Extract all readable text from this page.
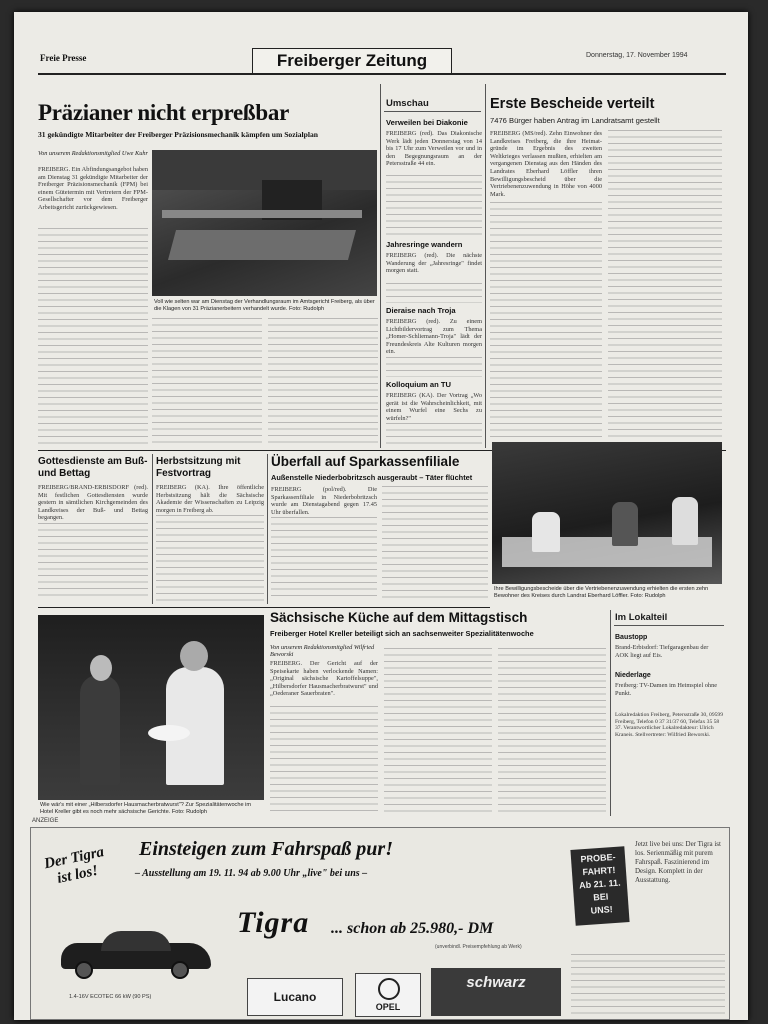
Freie Presse	Freiberger Zeitung	Donnerstag, 17. November 1994
Präzianer nicht erpreßbar
31 gekündigte Mitarbeiter der Freiberger Präzisionsmechanik kämpfen um Sozialplan
Von unserem Redaktionsmitglied Uwe Kuhr
FREIBERG. Ein Abfindungsangebot haben am Dienstag 31 gekündigte Mitarbeiter der Freiberger Präzisionsmechanik (FPM) bei einem Gütetermin mit Vertretern der FPM-Gesellschafter vor dem Freiberger Arbeitsgericht zurückgewiesen.
Voll wie selten war am Dienstag der Verhandlungsraum im Amtsgericht Freiberg, als über die Klagen von 31 Präzianerbeitern verhandelt wurde. Foto: Rudolph
Umschau
Verweilen bei Diakonie
FREIBERG (red). Das Diakonische Werk lädt jeden Donnerstag von 14 bis 17 Uhr zum Verweilen vor und in den Begegnungsraum an der Petersstraße 44 ein.
Jahresringe wandern
FREIBERG (red). Die nächste Wanderung der „Jahresringe" findet morgen statt.
Dieraise nach Troja
FREIBERG (red). Zu einem Lichtbildervortrag zum Thema „Homer-Schliemann-Troja" lädt der Freundeskreis Alte Kulturen morgen ein.
Kolloquium an TU
FREIBERG (KA). Der Vortrag „Wo gerät ist die Wahrscheinlichkeit, mit einem Wurfel eine Sechs zu würfeln?"
Erste Bescheide verteilt
7476 Bürger haben Antrag im Landratsamt gestellt
FREIBERG (MS/red). Zehn Einwohner des Landkreises Freiberg, die ihre Heimat-gründe im Ergebnis des zweiten Weltkrieges verlassen mußten, erhielten am vergangenen Dienstag aus den Händen des Landrates Eberhard Löffler ihren Bewilligungsbescheid über die Vertriebenenzuwendung in Höhe von 4000 Mark.
Ihre Bewilligungsbescheide über die Vertriebenenzuwendung erhielten die ersten zehn Bewohner des Kreises durch Landrat Eberhard Löffler. Foto: Rudolph
Gottesdienste am Buß- und Bettag
FREIBERG/BRAND-ERBISDORF (red). Mit festlichen Gottesdiensten wurde gestern in sämtlichen Kirchgemeinden des Landkreises der Buß- und Bettag begangen.
Herbstsitzung mit Festvortrag
FREIBERG (KA). Ihre öffentliche Herbstsitzung hält die Sächsische Akademie der Wissenschaften zu Leipzig morgen in Freiberg ab.
Überfall auf Sparkassenfiliale
Außenstelle Niederbobritzsch ausgeraubt – Täter flüchtet
FREIBERG (pol/red). Die Sparkassenfiliale in Niederbobritzsch wurde am Dienstagabend gegen 17.45 Uhr überfallen.
Wie wär's mit einer „Hilbersdorfer Hausmacherbratwurst"? Zur Spezialitätenwoche im Hotel Kreller gibt es noch mehr sächsische Gerichte. Foto: Rudolph
Sächsische Küche auf dem Mittagstisch
Freiberger Hotel Kreller beteiligt sich an sachsenweiter Spezialitätenwoche
Von unserem Redaktionsmitglied Wilfried Beworski
FREIBERG. Der Gericht auf der Speisekarte haben verlockende Namen: „Original sächsische Kartoffelsuppe", „Hilbersdorfer Hausmacherbratwurst" und „Oederaner Sauerbraten".
Im Lokalteil
Baustopp
Brand-Erbisdorf: Tiefgaragenbau der AOK liegt auf Eis.
Niederlage
Freiberg: TV-Damen im Heimspiel ohne Punkt.
Lokalredaktion Freiberg, Petersstraße 30, 09599 Freiberg, Telefon 0 37 31/37 60, Telefax 35 58 37. Verantwortlicher Lokalredakteur: Ulrich Kraneis. Stellvertreter: Wilfried Beworski.
ANZEIGE
Einsteigen zum Fahrspaß pur!
– Ausstellung am 19. 11. 94 ab 9.00 Uhr „live" bei uns –
Der Tigra ist los!
Tigra ... schon ab 25.980,- DM
(unverbindl. Preisempfehlung ab Werk)
PROBE-
FAHRT!
Ab 21. 11.
BEI
UNS!
Jetzt live bei uns: Der Tigra ist los. Serienmäßig mit purem Fahrspaß. Faszinierend im Design. Komplett in der Ausstattung.
1.4-16V ECOTEC 66 kW (90 PS)	Lucano
OPEL
schwarz
